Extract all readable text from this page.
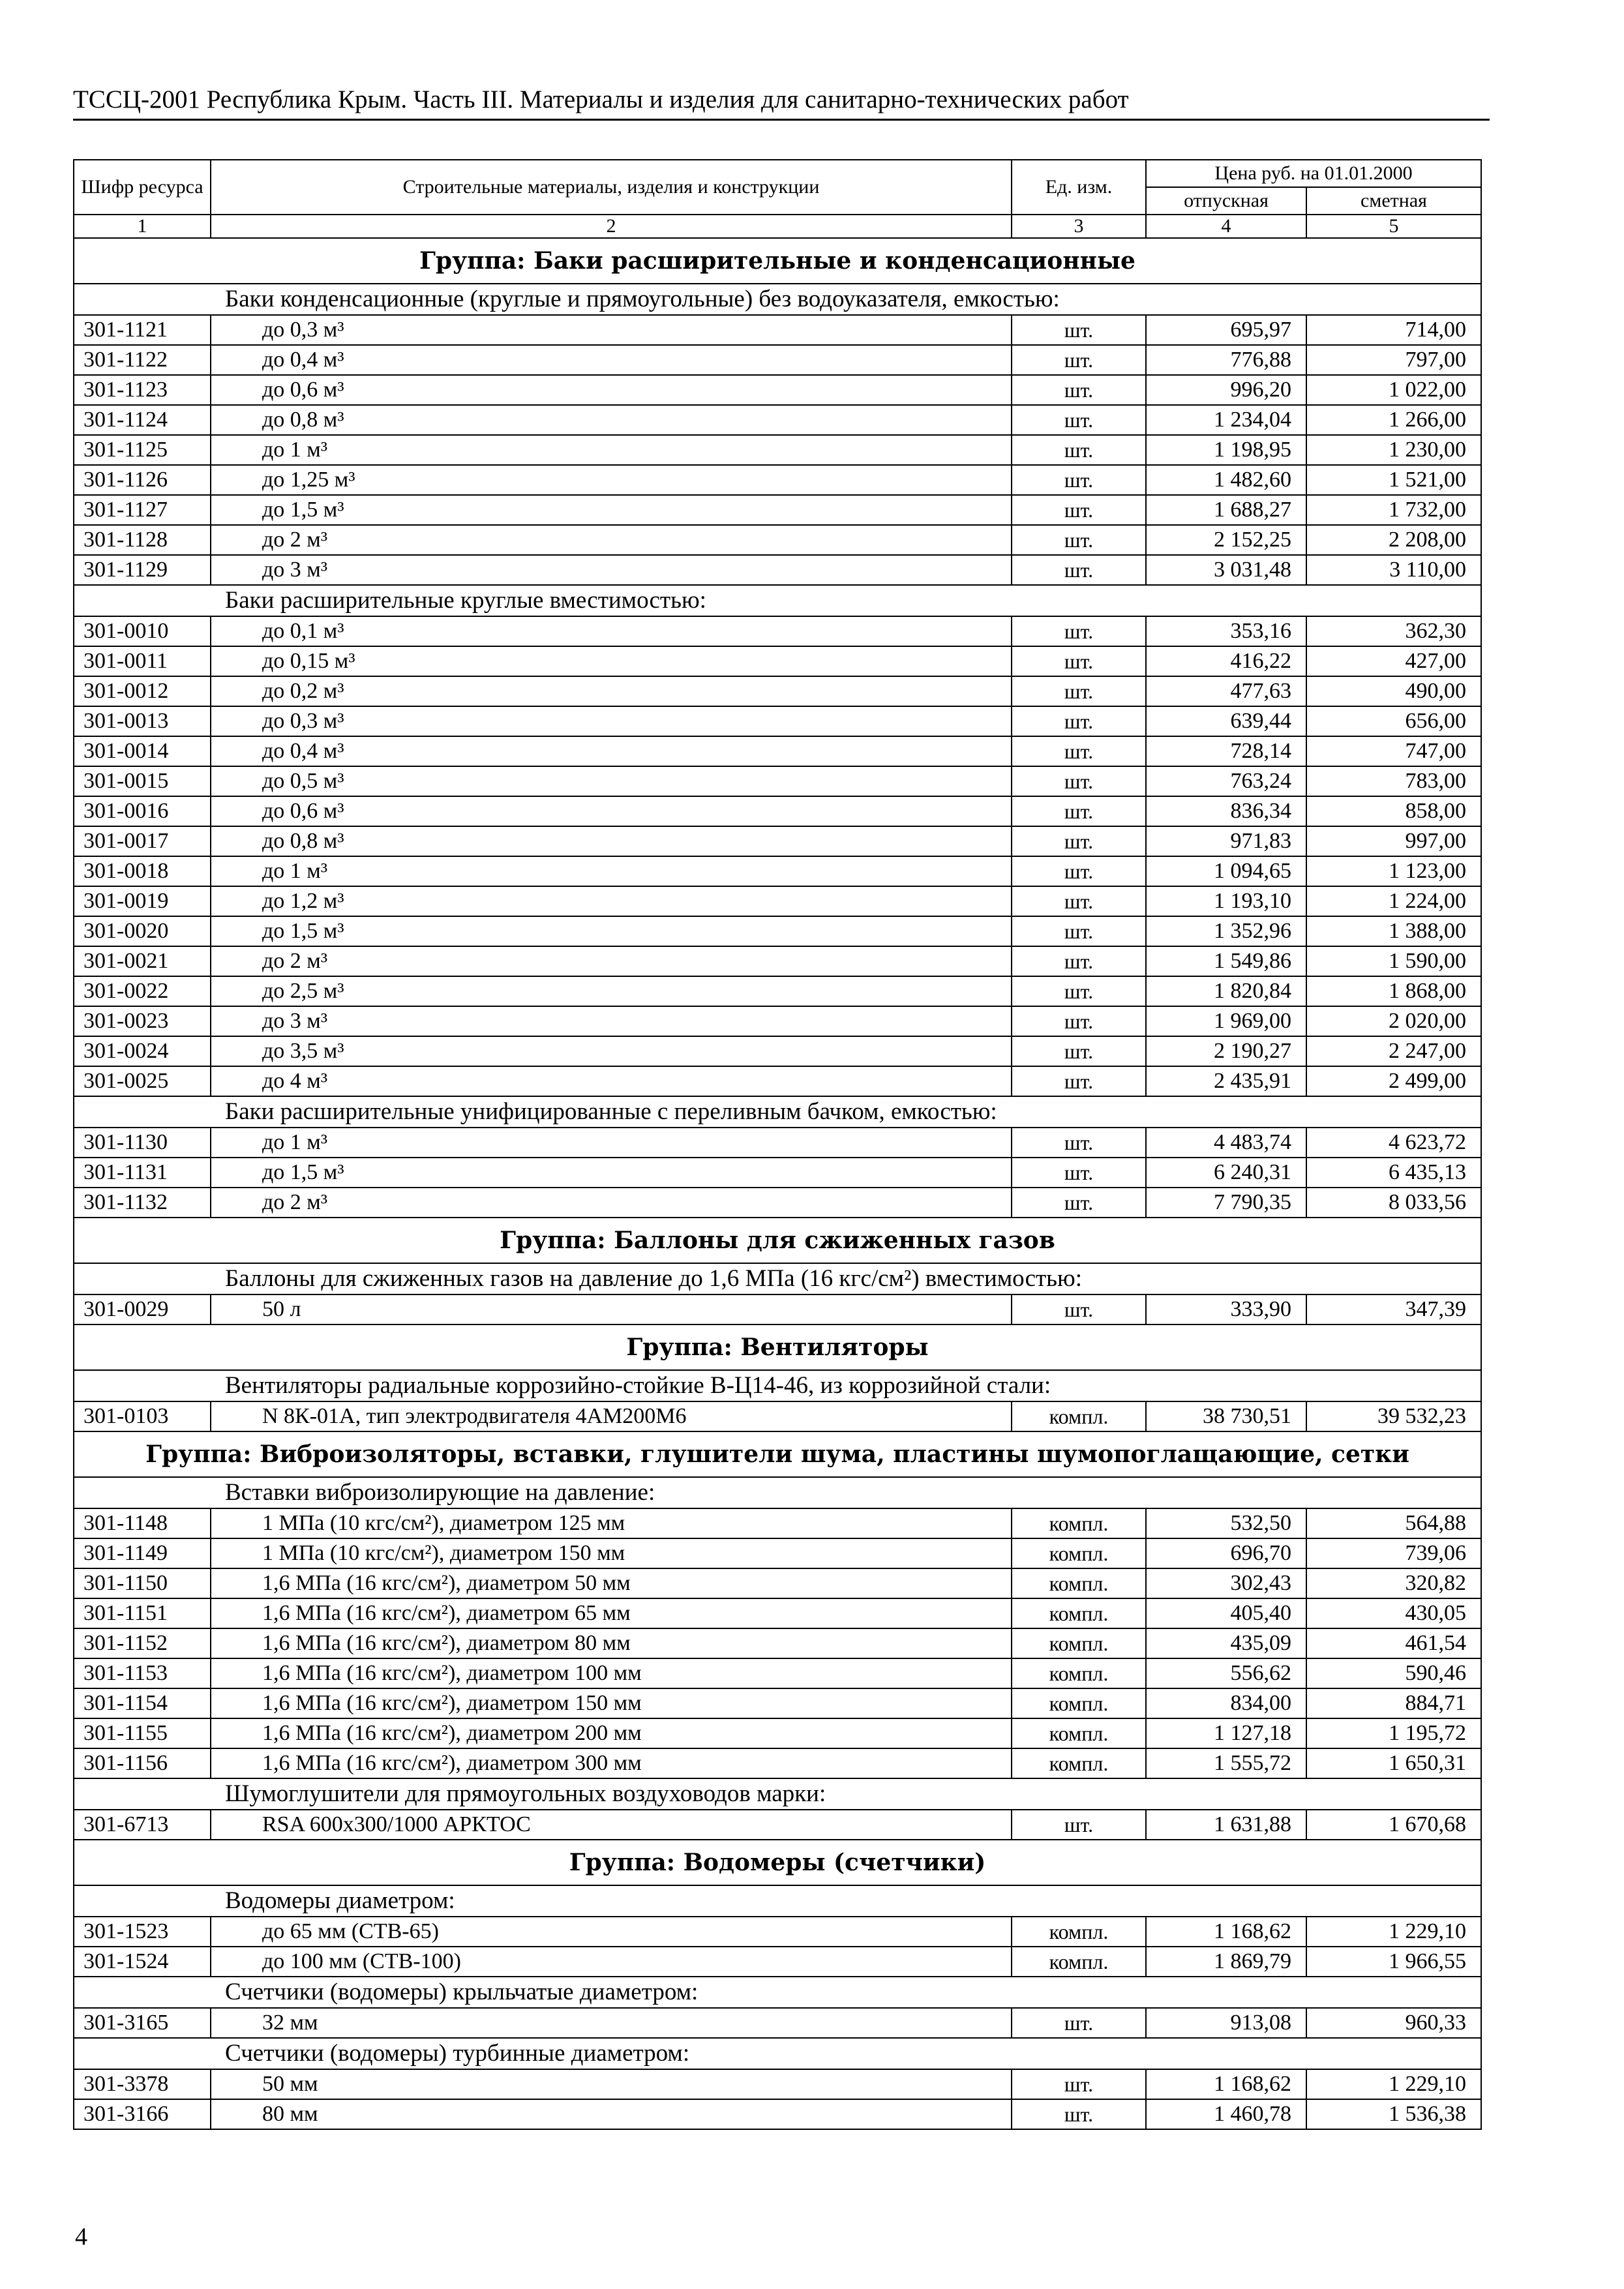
ТССЦ-2001 Республика Крым. Часть III. Материалы и изделия для санитарно-технических работ
Шифр ресурса	Строительные материалы, изделия и конструкции	Ед. изм.	Цена руб. на 01.01.2000	
			отпускная	сметная
1	2	3	4	5
Группа: Баки расширительные и конденсационные				
Баки конденсационные (круглые и прямоугольные) без водоуказателя, емкостью:				
301-1121	до 0,3 м³	шт.	695,97	714,00
301-1122	до 0,4 м³	шт.	776,88	797,00
301-1123	до 0,6 м³	шт.	996,20	1 022,00
301-1124	до 0,8 м³	шт.	1 234,04	1 266,00
301-1125	до 1 м³	шт.	1 198,95	1 230,00
301-1126	до 1,25 м³	шт.	1 482,60	1 521,00
301-1127	до 1,5 м³	шт.	1 688,27	1 732,00
301-1128	до 2 м³	шт.	2 152,25	2 208,00
301-1129	до 3 м³	шт.	3 031,48	3 110,00
Баки расширительные круглые вместимостью:				
301-0010	до 0,1 м³	шт.	353,16	362,30
301-0011	до 0,15 м³	шт.	416,22	427,00
301-0012	до 0,2 м³	шт.	477,63	490,00
301-0013	до 0,3 м³	шт.	639,44	656,00
301-0014	до 0,4 м³	шт.	728,14	747,00
301-0015	до 0,5 м³	шт.	763,24	783,00
301-0016	до 0,6 м³	шт.	836,34	858,00
301-0017	до 0,8 м³	шт.	971,83	997,00
301-0018	до 1 м³	шт.	1 094,65	1 123,00
301-0019	до 1,2 м³	шт.	1 193,10	1 224,00
301-0020	до 1,5 м³	шт.	1 352,96	1 388,00
301-0021	до 2 м³	шт.	1 549,86	1 590,00
301-0022	до 2,5 м³	шт.	1 820,84	1 868,00
301-0023	до 3 м³	шт.	1 969,00	2 020,00
301-0024	до 3,5 м³	шт.	2 190,27	2 247,00
301-0025	до 4 м³	шт.	2 435,91	2 499,00
Баки расширительные унифицированные с переливным бачком, емкостью:				
301-1130	до 1 м³	шт.	4 483,74	4 623,72
301-1131	до 1,5 м³	шт.	6 240,31	6 435,13
301-1132	до 2 м³	шт.	7 790,35	8 033,56
Группа: Баллоны для сжиженных газов				
Баллоны для сжиженных газов на давление до 1,6 МПа (16 кгс/см²) вместимостью:				
301-0029	50 л	шт.	333,90	347,39
Группа: Вентиляторы				
Вентиляторы радиальные коррозийно-стойкие В-Ц14-46, из коррозийной стали:				
301-0103	N 8К-01А, тип электродвигателя 4АМ200М6	компл.	38 730,51	39 532,23
Группа: Виброизоляторы, вставки, глушители шума, пластины шумопоглащающие, сетки				
Вставки виброизолирующие на давление:				
301-1148	1 МПа (10 кгс/см²), диаметром 125 мм	компл.	532,50	564,88
301-1149	1 МПа (10 кгс/см²), диаметром 150 мм	компл.	696,70	739,06
301-1150	1,6 МПа (16 кгс/см²), диаметром 50 мм	компл.	302,43	320,82
301-1151	1,6 МПа (16 кгс/см²), диаметром 65 мм	компл.	405,40	430,05
301-1152	1,6 МПа (16 кгс/см²), диаметром 80 мм	компл.	435,09	461,54
301-1153	1,6 МПа (16 кгс/см²), диаметром 100 мм	компл.	556,62	590,46
301-1154	1,6 МПа (16 кгс/см²), диаметром 150 мм	компл.	834,00	884,71
301-1155	1,6 МПа (16 кгс/см²), диаметром 200 мм	компл.	1 127,18	1 195,72
301-1156	1,6 МПа (16 кгс/см²), диаметром 300 мм	компл.	1 555,72	1 650,31
Шумоглушители для прямоугольных воздуховодов марки:				
301-6713	RSA 600x300/1000 АРКТОС	шт.	1 631,88	1 670,68
Группа: Водомеры (счетчики)				
Водомеры диаметром:				
301-1523	до 65 мм (СТВ-65)	компл.	1 168,62	1 229,10
301-1524	до 100 мм (СТВ-100)	компл.	1 869,79	1 966,55
Счетчики (водомеры) крыльчатые диаметром:				
301-3165	32 мм	шт.	913,08	960,33
Счетчики (водомеры) турбинные диаметром:				
301-3378	50 мм	шт.	1 168,62	1 229,10
301-3166	80 мм	шт.	1 460,78	1 536,38
4
